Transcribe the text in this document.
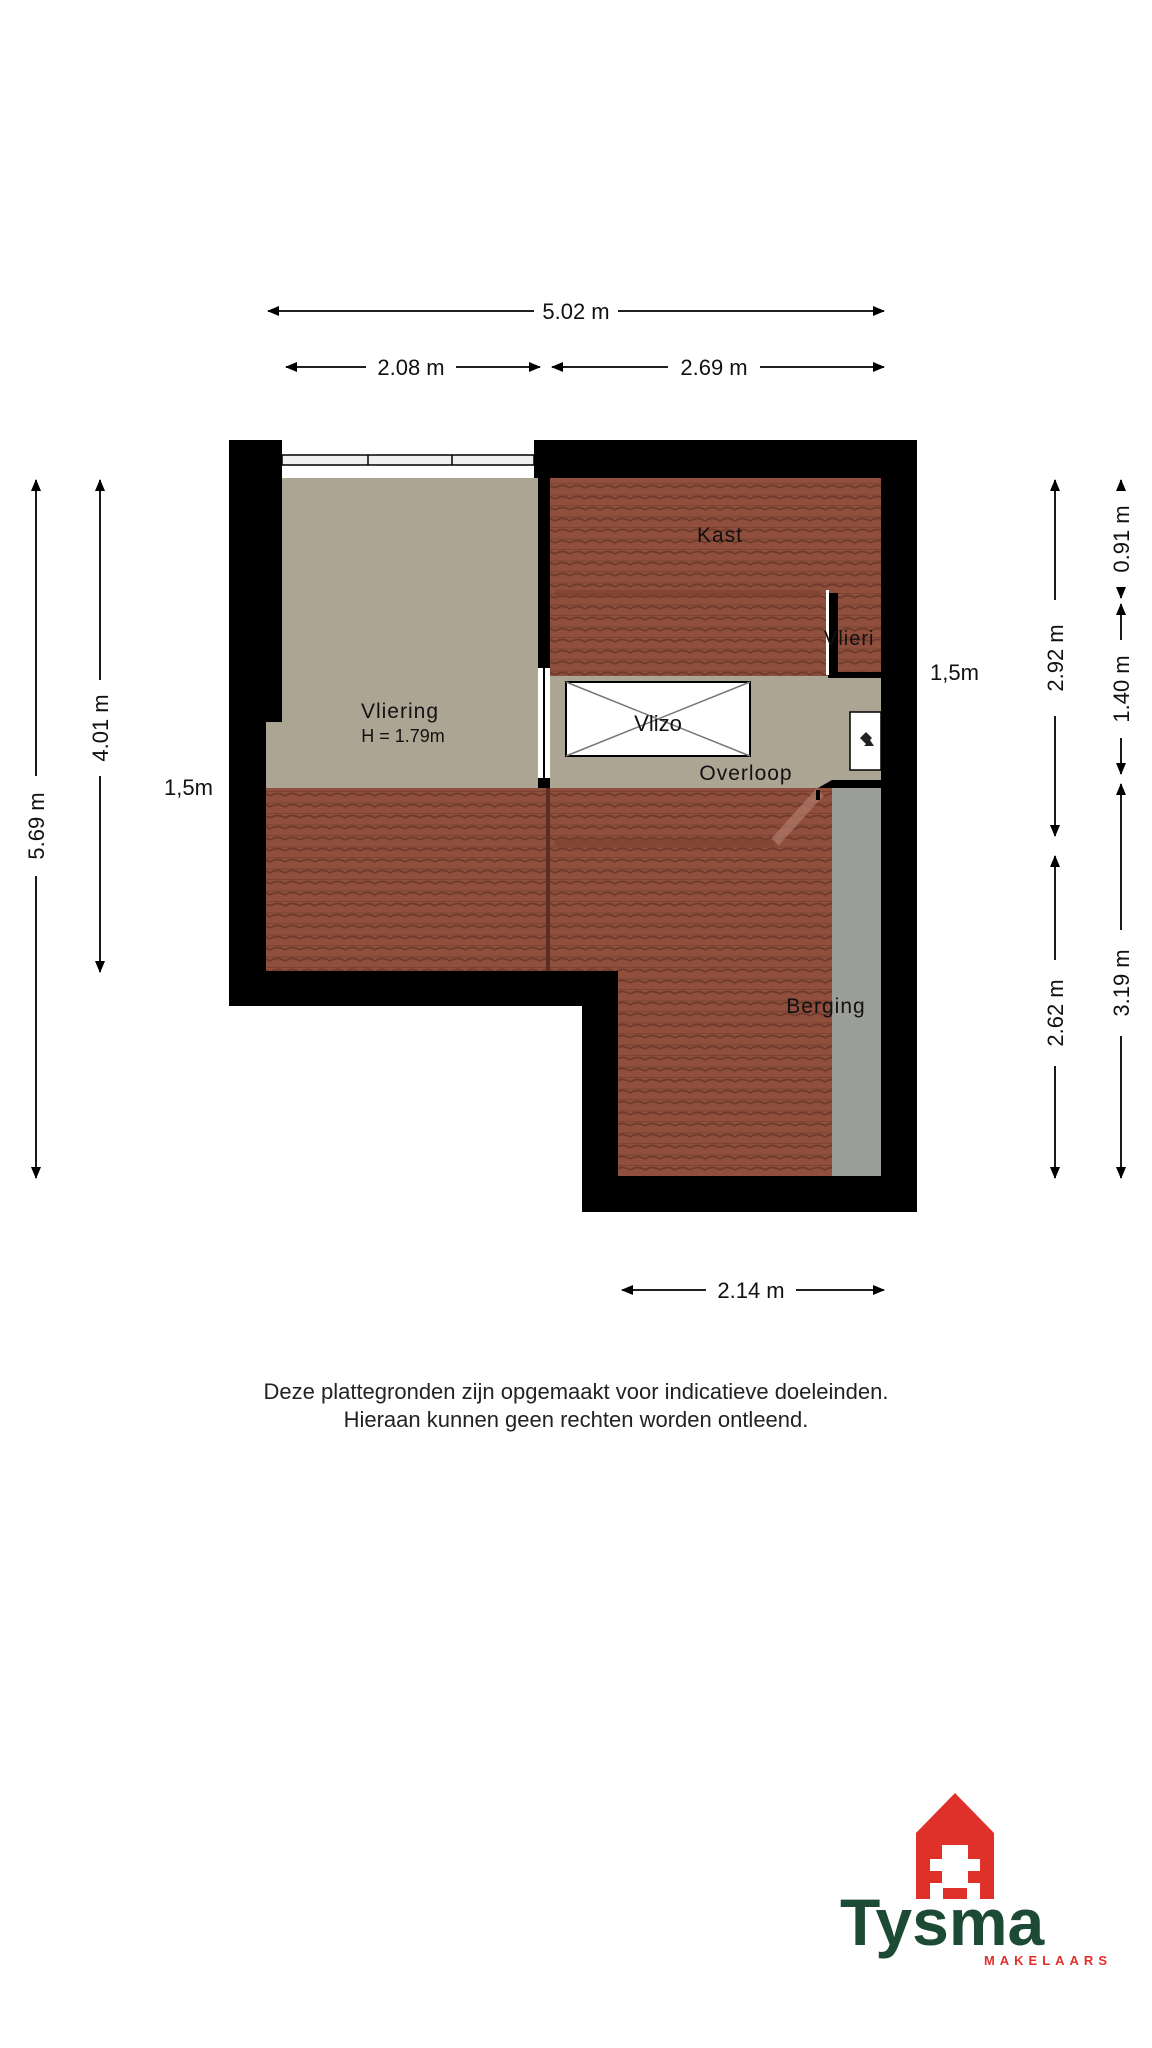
Vliering
H = 1.79m
Kast
Vlieri
Vlizo
Overloop
Berging
1,5m
1,5m
5.02 m
2.08 m	2.69 m
2.14 m
5.69 m
4.01 m
2.92 m
2.62 m
0.91 m
1.40 m
3.19 m
Deze plattegronden zijn opgemaakt voor indicatieve doeleinden.
Hieraan kunnen geen rechten worden ontleend.
Tysma
MAKELAARS
